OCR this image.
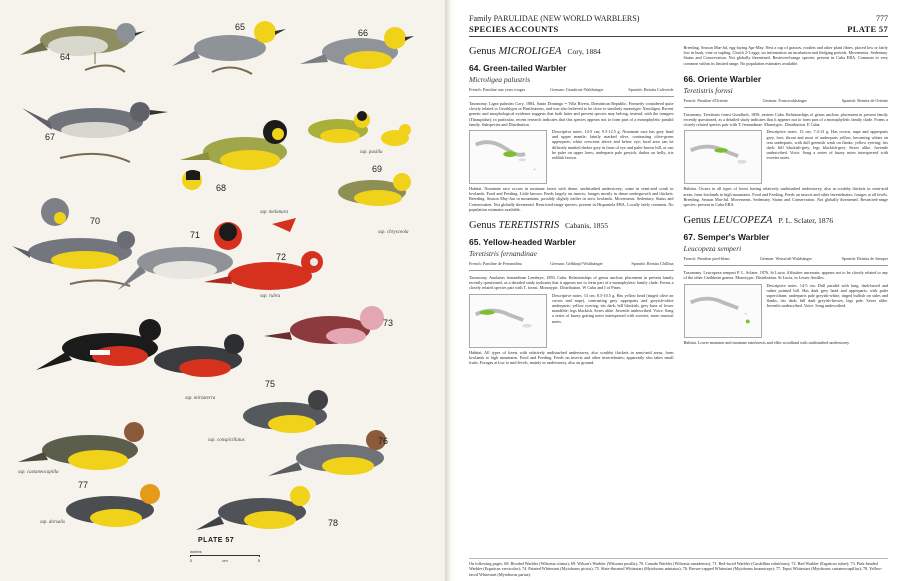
64
65
66
67
68
69
70
71
72
73
74
75
76
77
78
ssp. pusilla
ssp. chrysceola
ssp. melanura
ssp. rubra
ssp. mirzaterra
ssp. conspicillatus
ssp. castaneocapilla
ssp. dorsalis
PLATE 57
inches
0	cm	5
Family PARULIDAE (NEW WORLD WARBLERS)	777
SPECIES ACCOUNTS	PLATE 57
Genus MICROLIGEA Cory, 1884
64. Green-tailed Warbler
Microligea palustris
French: Paruline aux yeux rouges	German: Graubrust-Waldsänger	Spanish: Reinita Coliverde
Taxonomy. Ligea palustris Cory, 1884, Santo Domingo = Villa Rivera, Dominican Republic. Formerly considered quite closely related to Geothlypis or Basileuterus, and was also believed to be close to similarly monotypic Xenoligea. Recent genetic and morphological evidence suggests that both latter and present species may belong, instead, with the tanagers (Thraupidae); in particular, recent research indicates that this species appears not to form part of a monophyletic parulid family. Subspecies and Distribution.
Descriptive notes. 14-5 cm; 9.5-12.5 g. Nominate race has grey head and upper mantle; faintly marked olive, contrasting olive-green upperparts; white crescents above and below eye; loral area can be diffusely marked darker grey in front of eye and paler brown bill, or can be paler on upper lores; underparts pale greyish, darker on belly; iris reddish brown.
Habitat. Nominate race occurs in montane forest with dense, undisturbed understorey; some in semi-arid scrub in lowlands. Food and Feeding. Little known. Feeds largely on insects; forages mostly in dense undergrowth and thickets. Breeding. Season May-Jun in mountains, possibly slightly earlier in xeric lowlands. Movements. Sedentary. Status and Conservation. Not globally threatened. Restricted-range species: present in Hispaniola EBA. Locally fairly common. No population estimates available.
Genus TERETISTRIS Cabanis, 1855
65. Yellow-headed Warbler
Teretistris fernandinae
French: Paruline de Fernandina	German: Gelbkopf-Waldsänger	Spanish: Reinita Chillina
Taxonomy. Anolaeus fernandinae Lembeye, 1850, Cuba. Relationships of genus unclear; placement in present family recently questioned, as a detailed study indicates that it appears not to form part of a monophyletic family clade. Forms a closely related species pair with T. fornsi. Monotypic. Distribution. W Cuba and I of Pines.
Descriptive notes. 13 cm; 8.5-10.5 g. Has yellow head (tinged olive on crown and nape), contrasting grey upperparts and greyish-white underparts; yellow eyering; iris dark; bill blackish, grey base of lower mandible; legs blackish. Sexes alike. Juvenile undescribed. Voice. Song a series of buzzy grating notes interspersed with sweeter, more musical notes.
Habitat. All types of forest with relatively undisturbed understorey, also scrubby thickets in semi-arid areas, from lowlands to high mountains. Food and Feeding. Feeds on insects and other invertebrates; apparently also takes small fruits. Forages at low to mid-levels, mainly in understorey, also on ground.
Breeding. Season Mar-Jul, egg-laying Apr-May. Nest a cup of grasses, rootlets and other plant fibres, placed low or fairly low in bush, vine or sapling. Clutch 2-3 eggs; no information on incubation and fledging periods. Movements. Sedentary. Status and Conservation. Not globally threatened. Restricted-range species: present in Cuba EBA. Common to very common within its limited range. No population estimates available.
66. Oriente Warbler
Teretistris fornsi
French: Paruline d'Oriente	German: Fornswaldsänger	Spanish: Reinita de Oriente
Taxonomy. Teretistris fornsi Gundlach, 1858, eastern Cuba. Relationships of genus unclear; placement in present family recently questioned, as a detailed study indicates that it appears not to form part of a monophyletic family clade. Forms a closely related species pair with T. fernandinae. Monotypic. Distribution. E Cuba.
Descriptive notes. 13 cm; 7.4-13 g. Has crown, nape and upperparts grey, face, throat and most of underparts yellow, becoming whiter on rear underparts, with dull greenish wash on flanks; yellow eyering; iris dark; bill blackish-grey, legs blackish-grey. Sexes alike. Juvenile undescribed. Voice. Song a series of buzzy notes interspersed with sweeter notes.
Habitat. Occurs in all types of forest having relatively undisturbed understorey, also in scrubby thickets in semi-arid areas, from lowlands to high mountains. Food and Feeding. Feeds on insects and other invertebrates; forages at all levels. Breeding. Season Mar-Jul. Movements. Sedentary. Status and Conservation. Not globally threatened. Restricted-range species: present in Cuba EBA.
Genus LEUCOPEZA P. L. Sclater, 1876
67. Semper's Warbler
Leucopeza semperi
French: Paruline pied-blanc	German: Weissfuß-Waldsänger	Spanish: Reinita de Semper
Taxonomy. Leucopeza semperi P. L. Sclater, 1876, St Lucia. Affinities uncertain; appears not to be closely related to any of the other Caribbean genera. Monotypic. Distribution. St Lucia, in Lesser Antilles.
Descriptive notes. 14-5 cm. Dull parulid with long, dark-based and rather pointed bill. Has dark grey head and upperparts, with paler supercilium; underparts pale greyish-white, tinged buffish on sides and flanks; iris dark; bill dark greyish-brown, legs pale. Sexes alike. Juvenile undescribed. Voice. Song undescribed.
Habitat. Lower montane and montane rainforests and elfin woodland with undisturbed understorey.
On following pages: 68. Hooded Warbler (Wilsonia citrina); 69. Wilson's Warbler (Wilsonia pusilla); 70. Canada Warbler (Wilsonia canadensis); 71. Red-faced Warbler (Cardellina rubrifrons); 72. Red Warbler (Ergaticus ruber); 73. Pink-headed Warbler (Ergaticus versicolor); 74. Painted Whitestart (Myioborus pictus); 75. Slate-throated Whitestart (Myioborus miniatus); 76. Brown-capped Whitestart (Myioborus brunniceps); 77. Tepui Whitestart (Myioborus castaneocapillus); 78. Yellow-faced Whitestart (Myioborus pariae).
